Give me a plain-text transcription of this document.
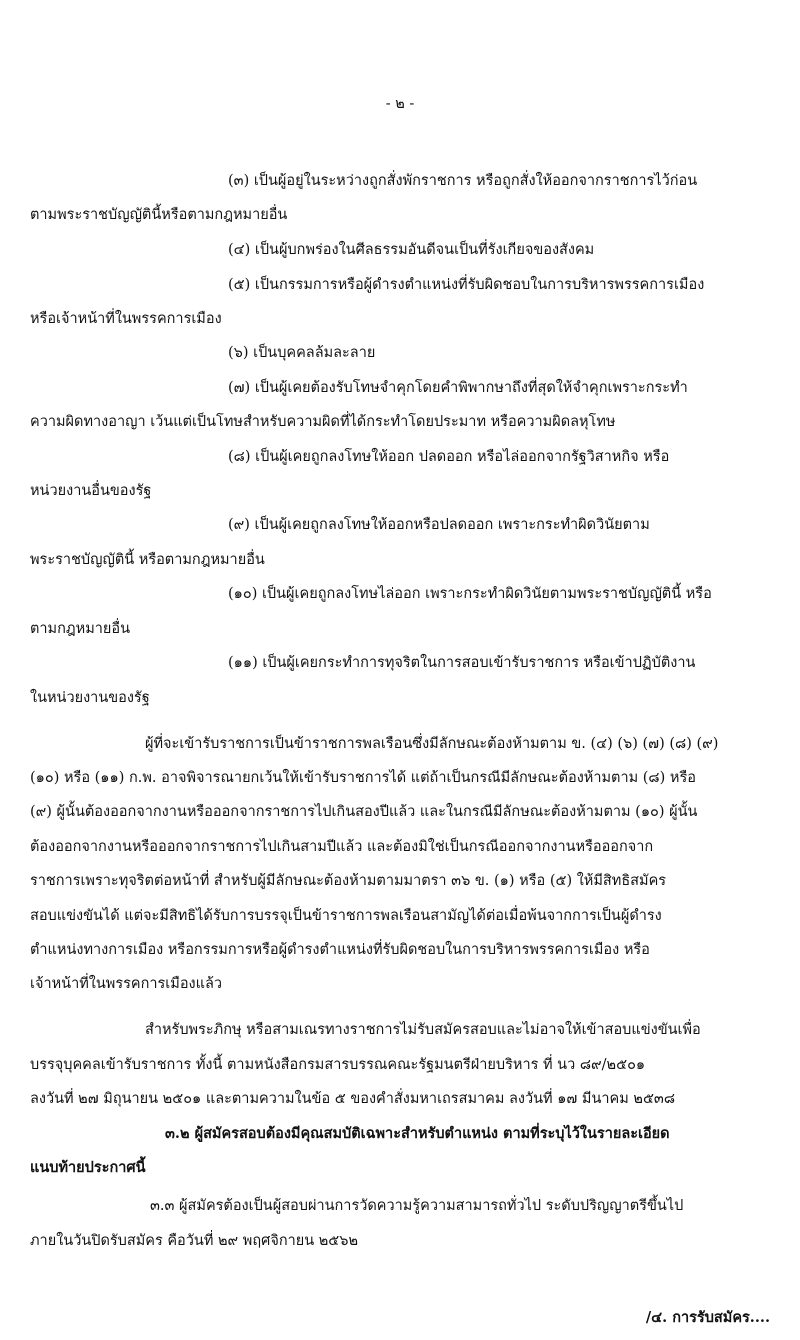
- ๒ -
(๓) เป็นผู้อยู่ในระหว่างถูกสั่งพักราชการ หรือถูกสั่งให้ออกจากราชการไว้ก่อน
ตามพระราชบัญญัตินี้หรือตามกฎหมายอื่น
(๔) เป็นผู้บกพร่องในศีลธรรมอันดีจนเป็นที่รังเกียจของสังคม
(๕) เป็นกรรมการหรือผู้ดำรงตำแหน่งที่รับผิดชอบในการบริหารพรรคการเมือง
หรือเจ้าหน้าที่ในพรรคการเมือง
(๖) เป็นบุคคลล้มละลาย
(๗) เป็นผู้เคยต้องรับโทษจำคุกโดยคำพิพากษาถึงที่สุดให้จำคุกเพราะกระทำ
ความผิดทางอาญา เว้นแต่เป็นโทษสำหรับความผิดที่ได้กระทำโดยประมาท หรือความผิดลหุโทษ
(๘) เป็นผู้เคยถูกลงโทษให้ออก ปลดออก หรือไล่ออกจากรัฐวิสาหกิจ หรือ
หน่วยงานอื่นของรัฐ
(๙) เป็นผู้เคยถูกลงโทษให้ออกหรือปลดออก เพราะกระทำผิดวินัยตาม
พระราชบัญญัตินี้ หรือตามกฎหมายอื่น
(๑๐) เป็นผู้เคยถูกลงโทษไล่ออก เพราะกระทำผิดวินัยตามพระราชบัญญัตินี้ หรือ
ตามกฎหมายอื่น
(๑๑) เป็นผู้เคยกระทำการทุจริตในการสอบเข้ารับราชการ หรือเข้าปฏิบัติงาน
ในหน่วยงานของรัฐ
ผู้ที่จะเข้ารับราชการเป็นข้าราชการพลเรือนซึ่งมีลักษณะต้องห้ามตาม ข. (๔) (๖) (๗) (๘) (๙)
(๑๐) หรือ (๑๑) ก.พ. อาจพิจารณายกเว้นให้เข้ารับราชการได้ แต่ถ้าเป็นกรณีมีลักษณะต้องห้ามตาม (๘) หรือ
(๙) ผู้นั้นต้องออกจากงานหรือออกจากราชการไปเกินสองปีแล้ว และในกรณีมีลักษณะต้องห้ามตาม (๑๐) ผู้นั้น
ต้องออกจากงานหรือออกจากราชการไปเกินสามปีแล้ว และต้องมิใช่เป็นกรณีออกจากงานหรือออกจาก
ราชการเพราะทุจริตต่อหน้าที่ สำหรับผู้มีลักษณะต้องห้ามตามมาตรา ๓๖ ข. (๑) หรือ (๕) ให้มีสิทธิสมัคร
สอบแข่งขันได้ แต่จะมีสิทธิได้รับการบรรจุเป็นข้าราชการพลเรือนสามัญได้ต่อเมื่อพ้นจากการเป็นผู้ดำรง
ตำแหน่งทางการเมือง หรือกรรมการหรือผู้ดำรงตำแหน่งที่รับผิดชอบในการบริหารพรรคการเมือง หรือ
เจ้าหน้าที่ในพรรคการเมืองแล้ว
สำหรับพระภิกษุ หรือสามเณรทางราชการไม่รับสมัครสอบและไม่อาจให้เข้าสอบแข่งขันเพื่อ
บรรจุบุคคลเข้ารับราชการ ทั้งนี้ ตามหนังสือกรมสารบรรณคณะรัฐมนตรีฝ่ายบริหาร ที่ นว ๘๙/๒๕๐๑
ลงวันที่ ๒๗ มิถุนายน ๒๕๐๑ และตามความในข้อ ๕ ของคำสั่งมหาเถรสมาคม ลงวันที่ ๑๗ มีนาคม ๒๕๓๘
๓.๒ ผู้สมัครสอบต้องมีคุณสมบัติเฉพาะสำหรับตำแหน่ง ตามที่ระบุไว้ในรายละเอียด
แนบท้ายประกาศนี้
๓.๓ ผู้สมัครต้องเป็นผู้สอบผ่านการวัดความรู้ความสามารถทั่วไป ระดับปริญญาตรีขึ้นไป
ภายในวันปิดรับสมัคร คือวันที่ ๒๙ พฤศจิกายน ๒๕๖๒
/๔. การรับสมัคร....
